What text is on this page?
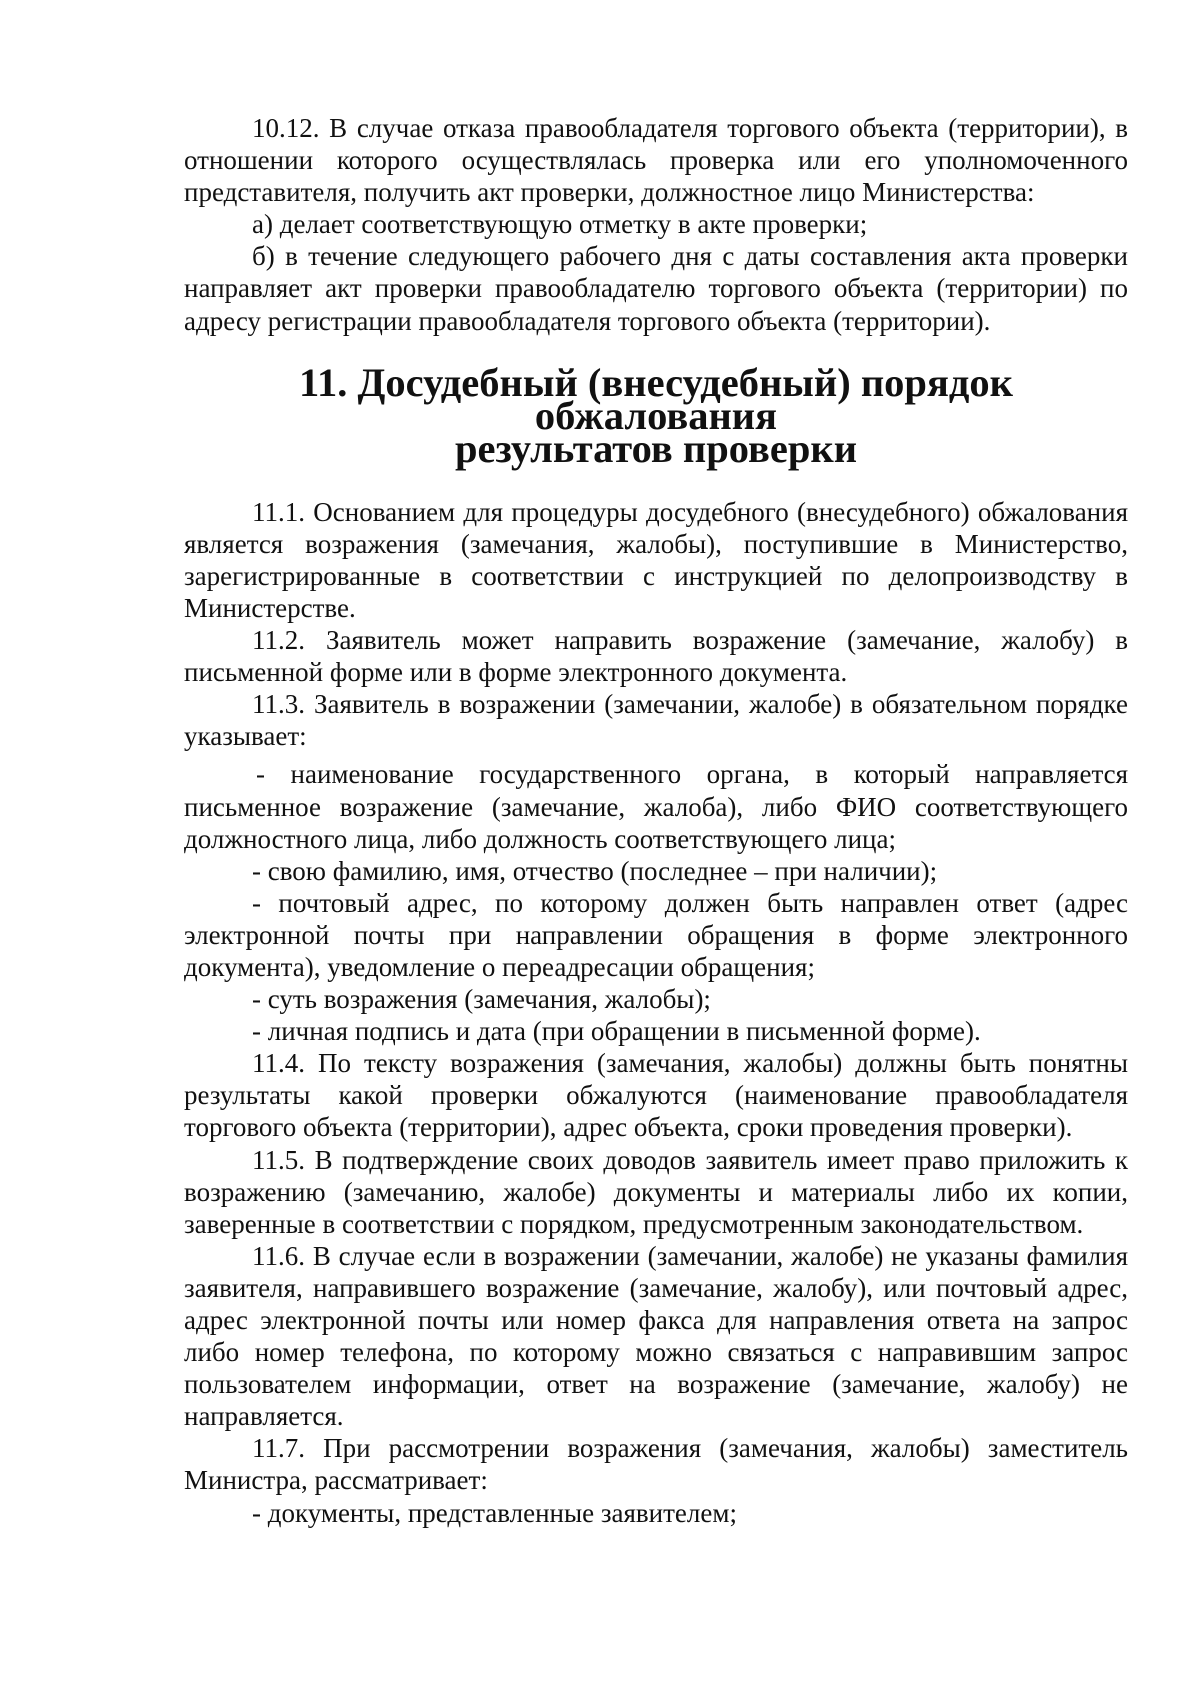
10.12. В случае отказа правообладателя торгового объекта (территории), в отношении которого осуществлялась проверка или его уполномоченного представителя, получить акт проверки, должностное лицо Министерства:

а) делает соответствующую отметку в акте проверки;

б) в течение следующего рабочего дня с даты составления акта проверки направляет акт проверки правообладателю торгового объекта (территории) по адресу регистрации правообладателя торгового объекта (территории).

11. Досудебный (внесудебный) порядок обжалования
результатов проверки

11.1. Основанием для процедуры досудебного (внесудебного) обжалования является возражения (замечания, жалобы), поступившие в Министерство, зарегистрированные в соответствии с инструкцией по делопроизводству в Министерстве.

11.2. Заявитель может направить возражение (замечание, жалобу) в письменной форме или в форме электронного документа.

11.3. Заявитель в возражении (замечании, жалобе) в обязательном порядке указывает:

- наименование государственного органа, в который направляется письменное возражение (замечание, жалоба), либо ФИО соответствующего должностного лица, либо должность соответствующего лица;

- свою фамилию, имя, отчество (последнее – при наличии);

- почтовый адрес, по которому должен быть направлен ответ (адрес электронной почты при направлении обращения в форме электронного документа), уведомление о переадресации обращения;

- суть возражения (замечания, жалобы);

- личная подпись и дата (при обращении в письменной форме).

11.4. По тексту возражения (замечания, жалобы) должны быть понятны результаты какой проверки обжалуются (наименование правообладателя торгового объекта (территории), адрес объекта, сроки проведения проверки).

11.5. В подтверждение своих доводов заявитель имеет право приложить к возражению (замечанию, жалобе) документы и материалы либо их копии, заверенные в соответствии с порядком, предусмотренным законодательством.

11.6. В случае если в возражении (замечании, жалобе) не указаны фамилия заявителя, направившего возражение (замечание, жалобу), или почтовый адрес, адрес электронной почты или номер факса для направления ответа на запрос либо номер телефона, по которому можно связаться с направившим запрос пользователем информации, ответ на возражение (замечание, жалобу) не направляется.

11.7. При рассмотрении возражения (замечания, жалобы) заместитель Министра, рассматривает:

- документы, представленные заявителем;
